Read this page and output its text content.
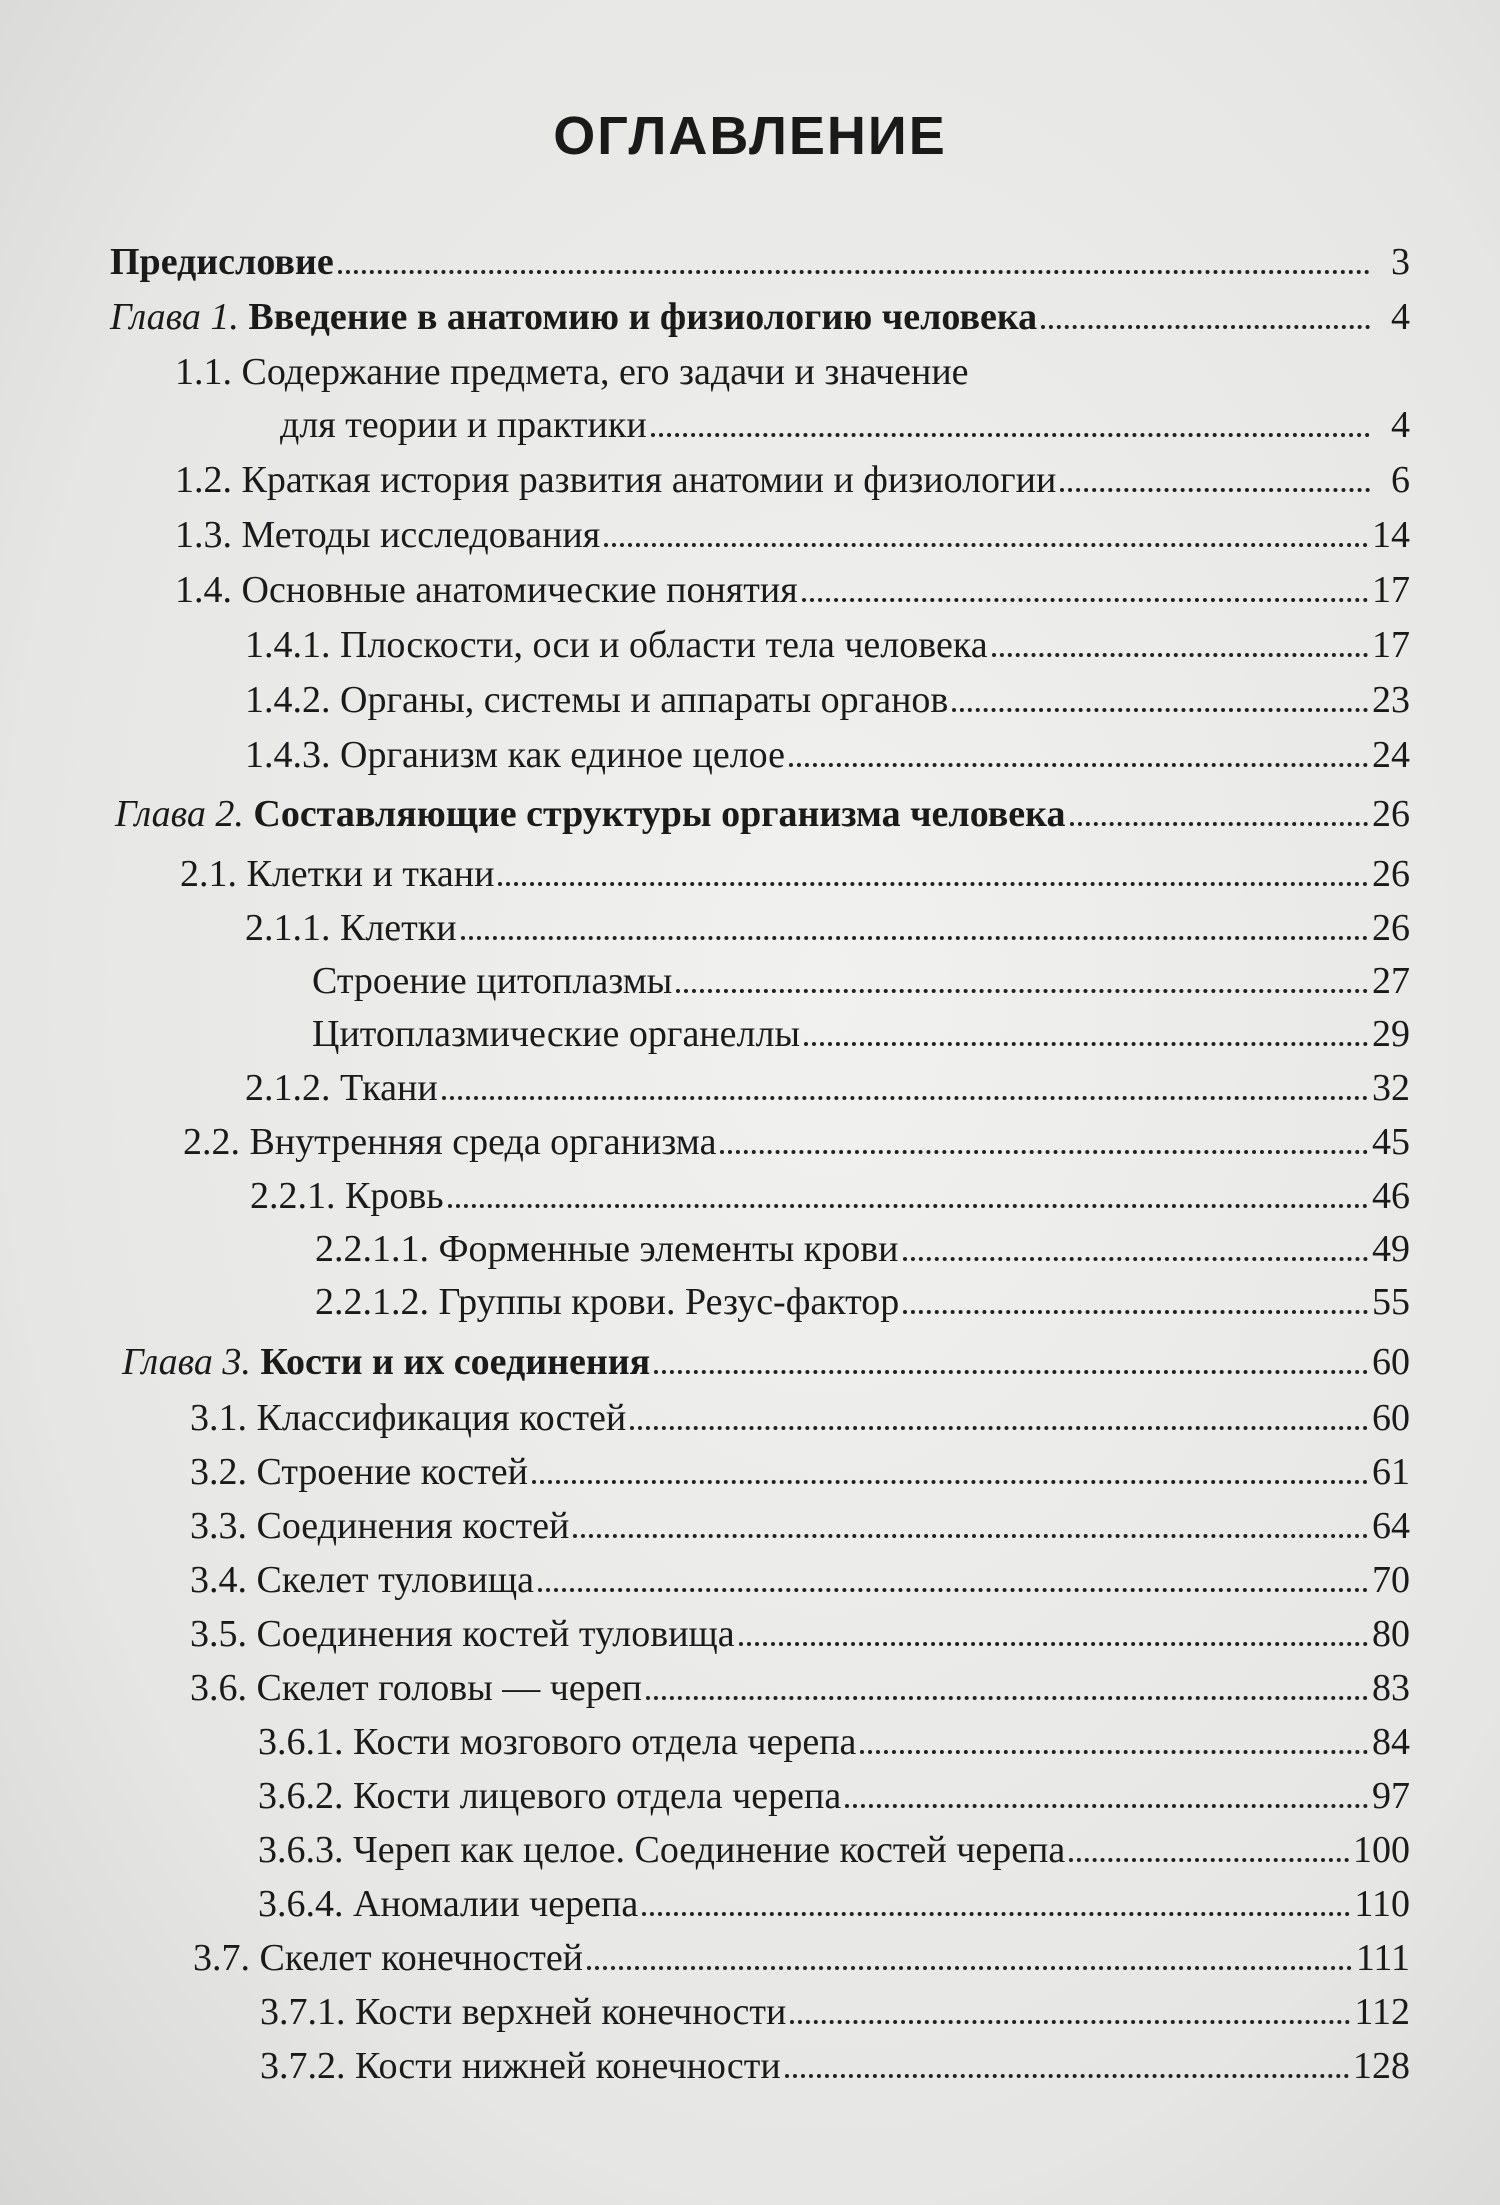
ОГЛАВЛЕНИЕ
Предисловие	3
Глава 1. Введение в анатомию и физиологию человека	4
1.1. Содержание предмета, его задачи и значение
для теории и практики	4
1.2. Краткая история развития анатомии и физиологии	6
1.3. Методы исследования	14
1.4. Основные анатомические понятия	17
1.4.1. Плоскости, оси и области тела человека	17
1.4.2. Органы, системы и аппараты органов	23
1.4.3. Организм как единое целое	24
Глава 2. Составляющие структуры организма человека	26
2.1. Клетки и ткани	26
2.1.1. Клетки	26
Строение цитоплазмы	27
Цитоплазмические органеллы	29
2.1.2. Ткани	32
2.2. Внутренняя среда организма	45
2.2.1. Кровь	46
2.2.1.1. Форменные элементы крови	49
2.2.1.2. Группы крови. Резус-фактор	55
Глава 3. Кости и их соединения	60
3.1. Классификация костей	60
3.2. Строение костей	61
3.3. Соединения костей	64
3.4. Скелет туловища	70
3.5. Соединения костей туловища	80
3.6. Скелет головы — череп	83
3.6.1. Кости мозгового отдела черепа	84
3.6.2. Кости лицевого отдела черепа	97
3.6.3. Череп как целое. Соединение костей черепа	100
3.6.4. Аномалии черепа	110
3.7. Скелет конечностей	111
3.7.1. Кости верхней конечности	112
3.7.2. Кости нижней конечности	128
